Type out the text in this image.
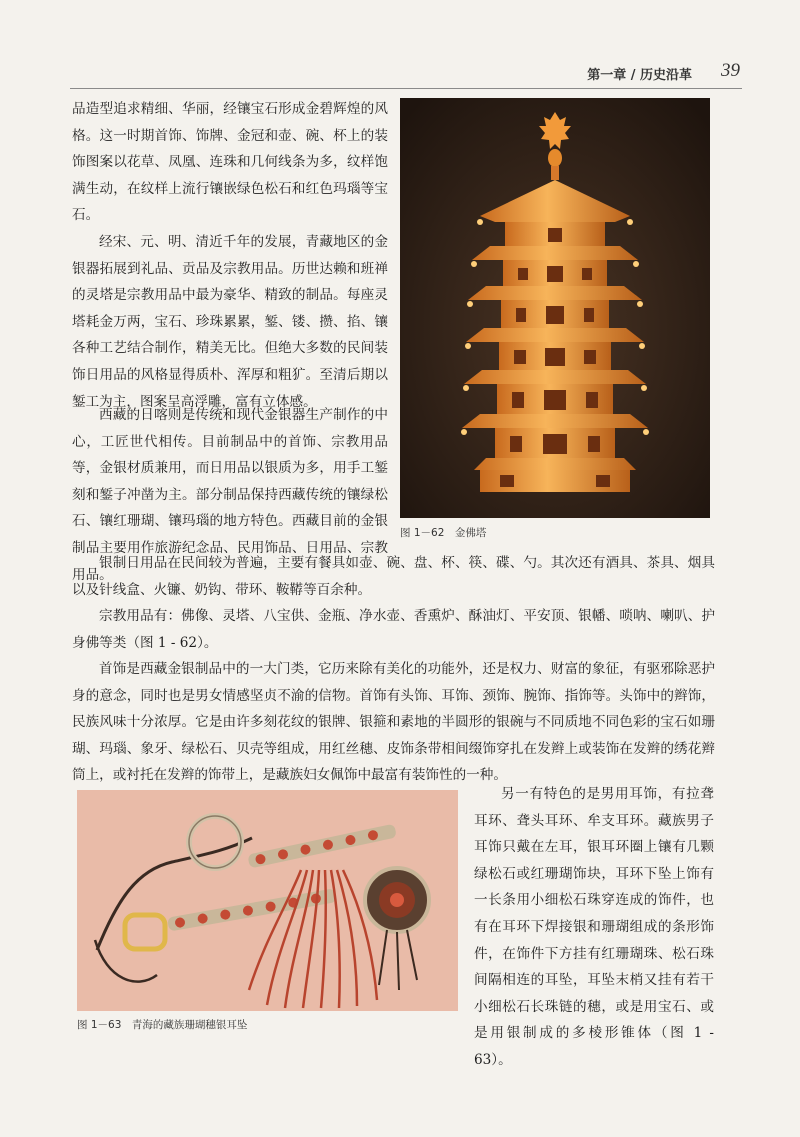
第一章 / 历史沿革 39

品造型追求精细、华丽，经镶宝石形成金碧辉煌的风格。这一时期首饰、饰牌、金冠和壶、碗、杯上的装饰图案以花草、凤凰、连珠和几何线条为多，纹样饱满生动，在纹样上流行镶嵌绿色松石和红色玛瑙等宝石。

经宋、元、明、清近千年的发展，青藏地区的金银器拓展到礼品、贡品及宗教用品。历世达赖和班禅的灵塔是宗教用品中最为豪华、精致的制品。每座灵塔耗金万两，宝石、珍珠累累，錾、镂、攒、掐、镶各种工艺结合制作，精美无比。但绝大多数的民间装饰日用品的风格显得质朴、浑厚和粗犷。至清后期以錾工为主，图案呈高浮雕，富有立体感。

西藏的日喀则是传统和现代金银器生产制作的中心，工匠世代相传。目前制品中的首饰、宗教用品等，金银材质兼用，而日用品以银质为多，用手工錾刻和錾子冲凿为主。部分制品保持西藏传统的镶绿松石、镶红珊瑚、镶玛瑙的地方特色。西藏目前的金银制品主要用作旅游纪念品、民用饰品、日用品、宗教用品。

图 1－62　金佛塔

银制日用品在民间较为普遍，主要有餐具如壶、碗、盘、杯、筷、碟、勺。其次还有酒具、茶具、烟具以及针线盒、火镰、奶钩、带环、鞍鞯等百余种。

宗教用品有：佛像、灵塔、八宝供、金瓶、净水壶、香熏炉、酥油灯、平安顶、银幡、唢呐、喇叭、护身佛等类（图 1 - 62）。

首饰是西藏金银制品中的一大门类，它历来除有美化的功能外，还是权力、财富的象征，有驱邪除恶护身的意念，同时也是男女情感坚贞不渝的信物。首饰有头饰、耳饰、颈饰、腕饰、指饰等。头饰中的辫饰，民族风味十分浓厚。它是由许多刻花纹的银牌、银箍和素地的半圆形的银碗与不同质地不同色彩的宝石如珊瑚、玛瑙、象牙、绿松石、贝壳等组成，用红丝穗、皮饰条带相间缀饰穿扎在发辫上或装饰在发辫的绣花辫筒上，或衬托在发辫的饰带上，是藏族妇女佩饰中最富有装饰性的一种。

图 1－63　青海的藏族珊瑚穗银耳坠

另一有特色的是男用耳饰，有拉聋耳环、聋头耳环、牟支耳环。藏族男子耳饰只戴在左耳，银耳环圈上镶有几颗绿松石或红珊瑚饰块，耳环下坠上饰有一长条用小细松石珠穿连成的饰件，也有在耳环下焊接银和珊瑚组成的条形饰件，在饰件下方挂有红珊瑚珠、松石珠间隔相连的耳坠，耳坠末梢又挂有若干小细松石长珠链的穗，或是用宝石、或是用银制成的多棱形锥体（图 1 - 63）。
